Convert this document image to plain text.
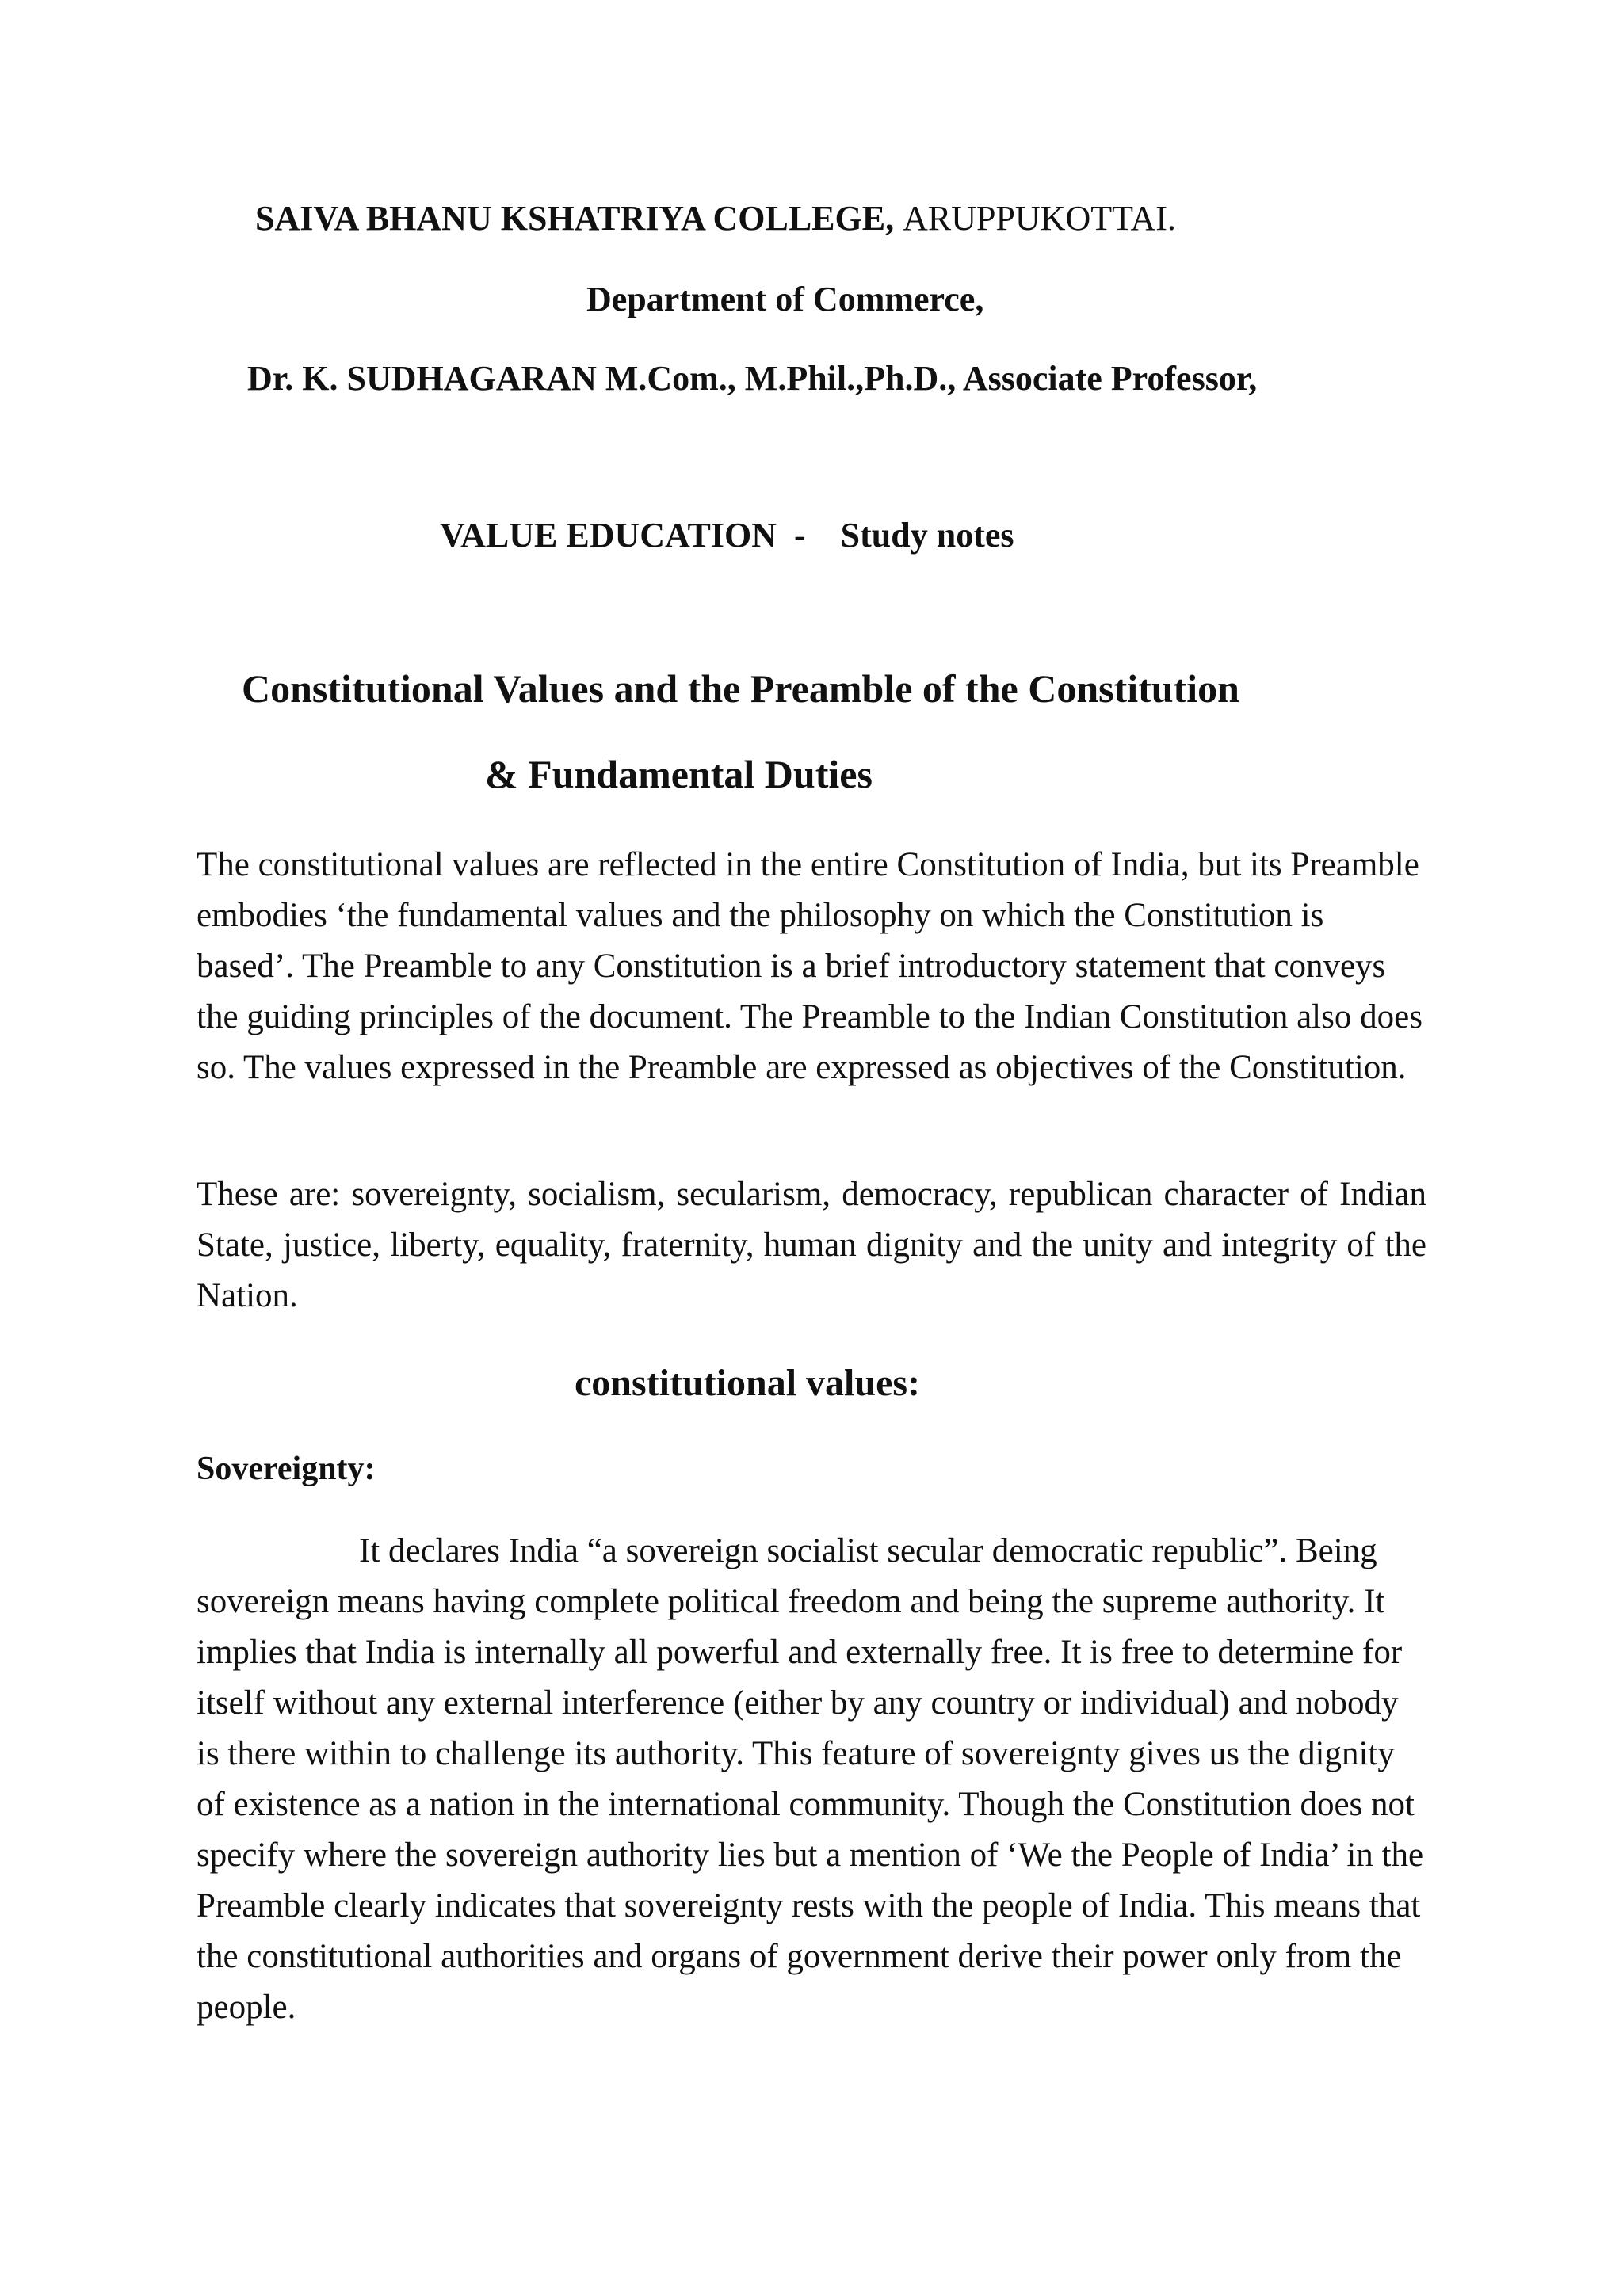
SAIVA BHANU KSHATRIYA COLLEGE, ARUPPUKOTTAI.

Department of Commerce,

Dr. K. SUDHAGARAN M.Com., M.Phil.,Ph.D., Associate Professor,

VALUE EDUCATION  -    Study notes

Constitutional Values and the Preamble of the Constitution

& Fundamental Duties

The constitutional values are reflected in the entire Constitution of India, but its Preamble embodies ‘the fundamental values and the philosophy on which the Constitution is based’. The Preamble to any Constitution is a brief introductory statement that conveys the guiding principles of the document. The Preamble to the Indian Constitution also does so. The values expressed in the Preamble are expressed as objectives of the Constitution.

These are: sovereignty, socialism, secularism, democracy, republican character of Indian State, justice, liberty, equality, fraternity, human dignity and the unity and integrity of the Nation.

constitutional values:

Sovereignty:

It declares India “a sovereign socialist secular democratic republic”. Being sovereign means having complete political freedom and being the supreme authority. It implies that India is internally all powerful and externally free. It is free to determine for itself without any external interference (either by any country or individual) and nobody is there within to challenge its authority. This feature of sovereignty gives us the dignity of existence as a nation in the international community. Though the Constitution does not specify where the sovereign authority lies but a mention of ‘We the People of India’ in the Preamble clearly indicates that sovereignty rests with the people of India. This means that the constitutional authorities and organs of government derive their power only from the people.
